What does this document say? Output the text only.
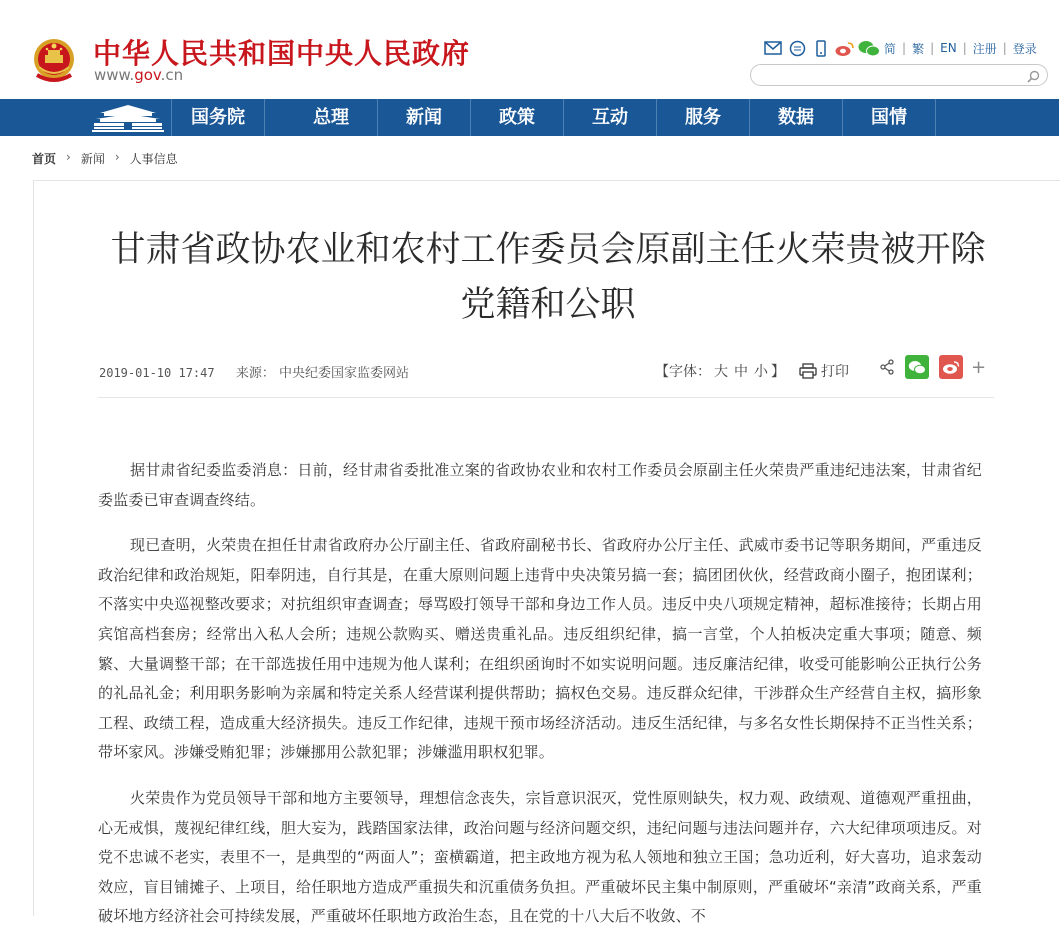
中华人民共和国中央人民政府
www.gov.cn
简 | 繁 | EN | 注册 | 登录
国务院	总理	新闻	政策	互动	服务	数据	国情
首页 › 新闻 › 人事信息
甘肃省政协农业和农村工作委员会原副主任火荣贵被开除党籍和公职
2019-01-10 17:47 来源： 中央纪委国家监委网站	【字体： 大 中 小 】	打印	+

据甘肃省纪委监委消息：日前，经甘肃省委批准立案的省政协农业和农村工作委员会原副主任火荣贵严重违纪违法案，甘肃省纪委监委已审查调查终结。

现已查明，火荣贵在担任甘肃省政府办公厅副主任、省政府副秘书长、省政府办公厅主任、武威市委书记等职务期间，严重违反政治纪律和政治规矩，阳奉阴违，自行其是，在重大原则问题上违背中央决策另搞一套；搞团团伙伙，经营政商小圈子，抱团谋利；不落实中央巡视整改要求；对抗组织审查调查；辱骂殴打领导干部和身边工作人员。违反中央八项规定精神，超标准接待；长期占用宾馆高档套房；经常出入私人会所；违规公款购买、赠送贵重礼品。违反组织纪律，搞一言堂，个人拍板决定重大事项；随意、频繁、大量调整干部；在干部选拔任用中违规为他人谋利；在组织函询时不如实说明问题。违反廉洁纪律，收受可能影响公正执行公务的礼品礼金；利用职务影响为亲属和特定关系人经营谋利提供帮助；搞权色交易。违反群众纪律，干涉群众生产经营自主权，搞形象工程、政绩工程，造成重大经济损失。违反工作纪律，违规干预市场经济活动。违反生活纪律，与多名女性长期保持不正当性关系；带坏家风。涉嫌受贿犯罪；涉嫌挪用公款犯罪；涉嫌滥用职权犯罪。

火荣贵作为党员领导干部和地方主要领导，理想信念丧失，宗旨意识泯灭，党性原则缺失，权力观、政绩观、道德观严重扭曲，心无戒惧，蔑视纪律红线，胆大妄为，践踏国家法律，政治问题与经济问题交织，违纪问题与违法问题并存，六大纪律项项违反。对党不忠诚不老实，表里不一，是典型的“两面人”；蛮横霸道，把主政地方视为私人领地和独立王国；急功近利，好大喜功，追求轰动效应，盲目铺摊子、上项目，给任职地方造成严重损失和沉重债务负担。严重破坏民主集中制原则，严重破坏“亲清”政商关系，严重破坏地方经济社会可持续发展，严重破坏任职地方政治生态，且在党的十八大后不收敛、不
